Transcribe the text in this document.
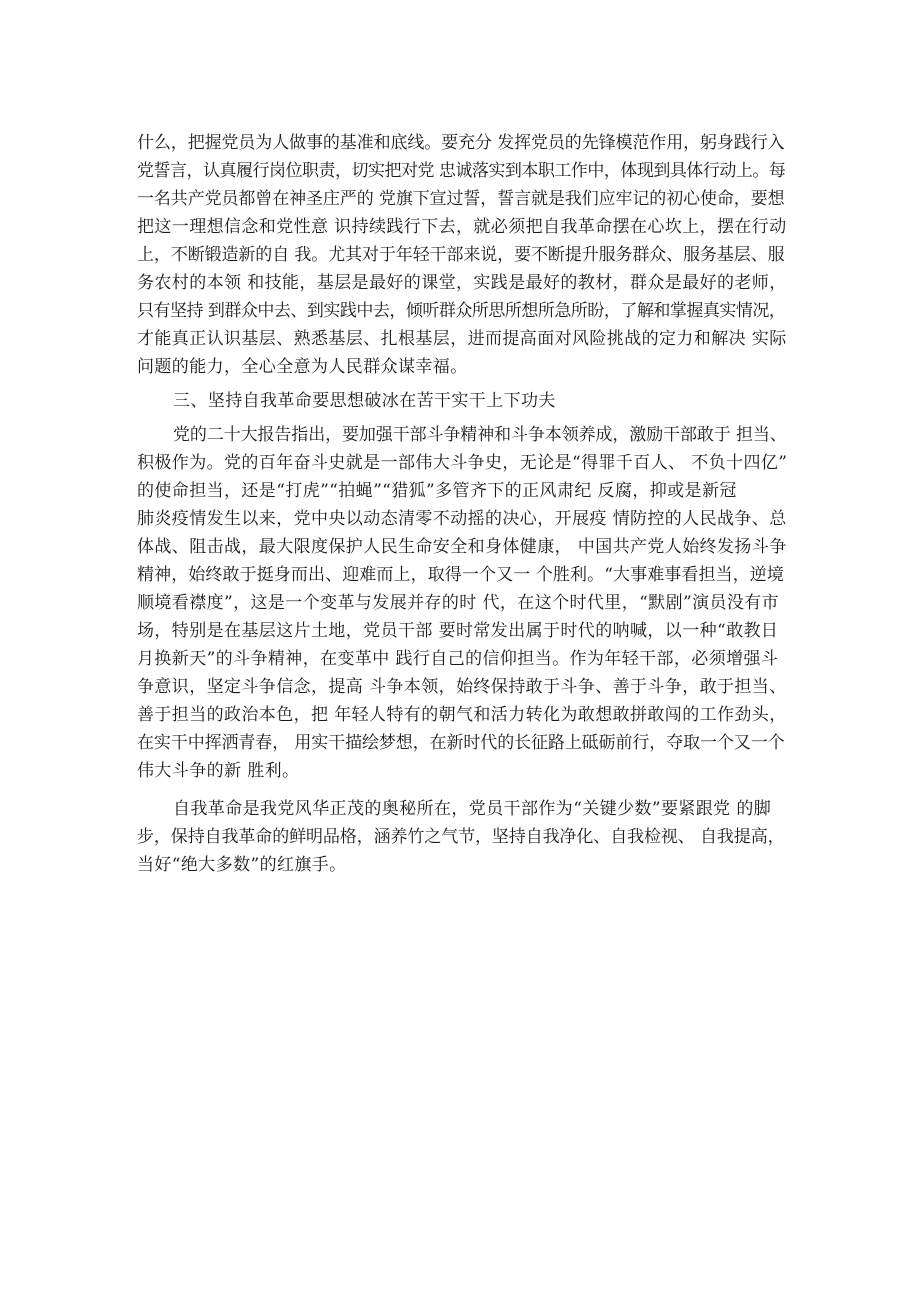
什么，把握党员为人做事的基准和底线。要充分 发挥党员的先锋模范作用，躬身践行入
党誓言，认真履行岗位职责，切实把对党 忠诚落实到本职工作中，体现到具体行动上。每
一名共产党员都曾在神圣庄严的 党旗下宣过誓，誓言就是我们应牢记的初心使命，要想
把这一理想信念和党性意 识持续践行下去，就必须把自我革命摆在心坎上，摆在行动
上，不断锻造新的自 我。尤其对于年轻干部来说，要不断提升服务群众、服务基层、服
务农村的本领 和技能，基层是最好的课堂，实践是最好的教材，群众是最好的老师，
只有坚持 到群众中去、到实践中去，倾听群众所思所想所急所盼，了解和掌握真实情况，
才能真正认识基层、熟悉基层、扎根基层，进而提高面对风险挑战的定力和解决 实际
问题的能力，全心全意为人民群众谋幸福。
三、坚持自我革命要思想破冰在苦干实干上下功夫
党的二十大报告指出，要加强干部斗争精神和斗争本领养成，激励干部敢于 担当、
积极作为。党的百年奋斗史就是一部伟大斗争史，无论是“得罪千百人、 不负十四亿”
的使命担当，还是“打虎”“拍蝇”“猎狐”多管齐下的正风肃纪 反腐，抑或是新冠
肺炎疫情发生以来，党中央以动态清零不动摇的决心，开展疫 情防控的人民战争、总
体战、阻击战，最大限度保护人民生命安全和身体健康， 中国共产党人始终发扬斗争
精神，始终敢于挺身而出、迎难而上，取得一个又一 个胜利。“大事难事看担当，逆境
顺境看襟度”，这是一个变革与发展并存的时 代，在这个时代里，“默剧”演员没有市
场，特别是在基层这片土地，党员干部 要时常发出属于时代的呐喊，以一种“敢教日
月换新天”的斗争精神，在变革中 践行自己的信仰担当。作为年轻干部，必须增强斗
争意识，坚定斗争信念，提高 斗争本领，始终保持敢于斗争、善于斗争，敢于担当、
善于担当的政治本色，把 年轻人特有的朝气和活力转化为敢想敢拼敢闯的工作劲头，
在实干中挥洒青春， 用实干描绘梦想，在新时代的长征路上砥砺前行，夺取一个又一个
伟大斗争的新 胜利。
自我革命是我党风华正茂的奥秘所在，党员干部作为“关键少数”要紧跟党 的脚
步，保持自我革命的鲜明品格，涵养竹之气节，坚持自我净化、自我检视、 自我提高，
当好“绝大多数”的红旗手。
